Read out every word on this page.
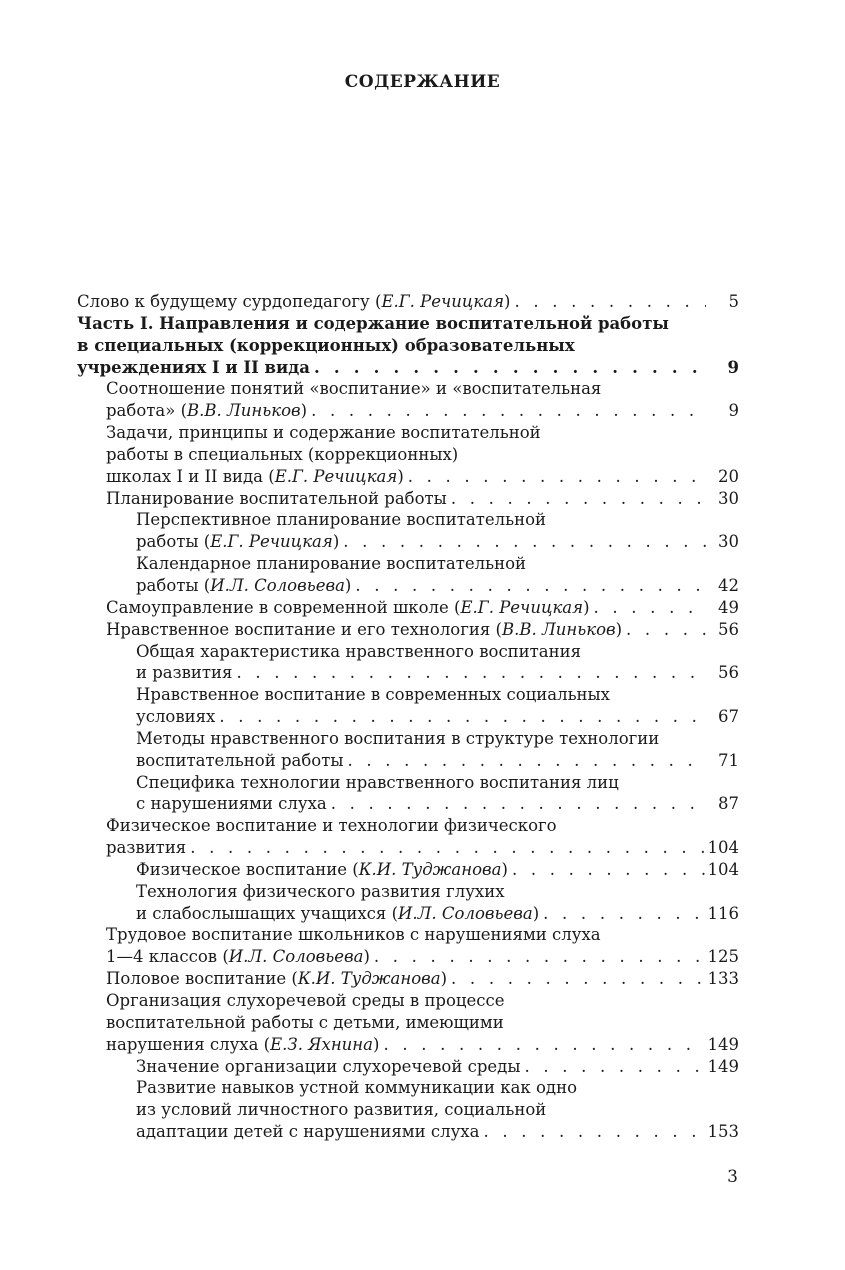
СОДЕРЖАНИЕ
Слово к будущему сурдопедагогу (Е.Г. Речицкая) . . .	5
Часть I. Направления и содержание воспитательной работы
в специальных (коррекционных) образовательных
учреждениях I и II вида . . .	9
Соотношение понятий «воспитание» и «воспитательная
работа» (В.В. Линьков) . . .	9
Задачи, принципы и содержание воспитательной
работы в специальных (коррекционных)
школах I и II вида (Е.Г. Речицкая) . . .	20
Планирование воспитательной работы . . .	30
Перспективное планирование воспитательной
работы (Е.Г. Речицкая) . . .	30
Календарное планирование воспитательной
работы (И.Л. Соловьева) . . .	42
Самоуправление в современной школе (Е.Г. Речицкая) . . .	49
Нравственное воспитание и его технология (В.В. Линьков) . . .	56
Общая характеристика нравственного воспитания
и развития . . .	56
Нравственное воспитание в современных социальных
условиях . . .	67
Методы нравственного воспитания в структуре технологии
воспитательной работы . . .	71
Специфика технологии нравственного воспитания лиц
с нарушениями слуха . . .	87
Физическое воспитание и технологии физического
развития . . .	104
Физическое воспитание (К.И. Туджанова) . . .	104
Технология физического развития глухих
и слабослышащих учащихся (И.Л. Соловьева) . . .	116
Трудовое воспитание школьников с нарушениями слуха
1—4 классов (И.Л. Соловьева) . . .	125
Половое воспитание (К.И. Туджанова) . . .	133
Организация слухоречевой среды в процессе
воспитательной работы с детьми, имеющими
нарушения слуха (Е.З. Яхнина) . . .	149
Значение организации слухоречевой среды . . .	149
Развитие навыков устной коммуникации как одно
из условий личностного развития, социальной
адаптации детей с нарушениями слуха . . .	153
3
